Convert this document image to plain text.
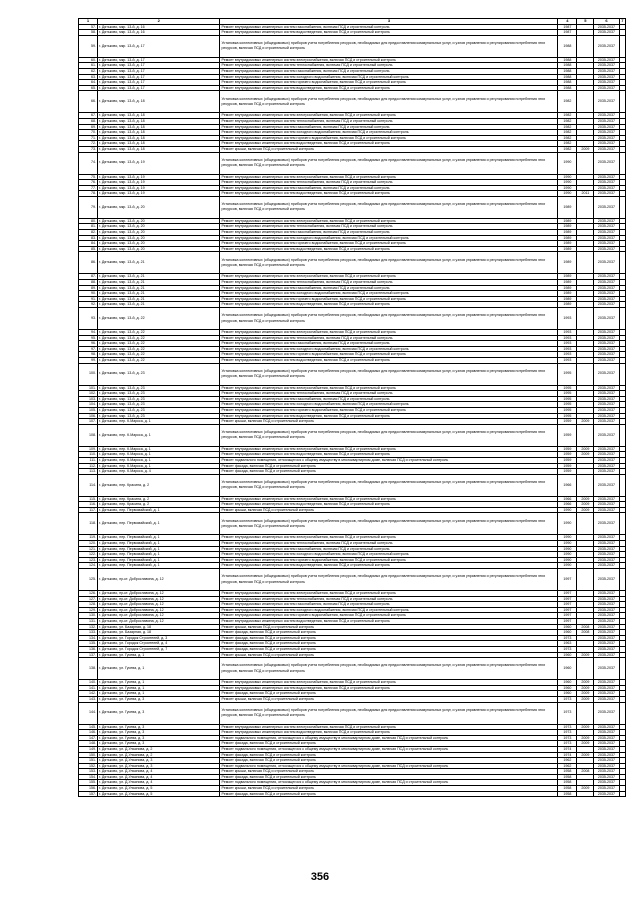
1	2	3	4	5	6	7
57.	г. Дятьково, мкр. 13-й, д. 16	Ремонт внутридомовых инженерных систем газоснабжения, включая ПСД и строительный контроль	1987		2035-2037	
58.	г. Дятьково, мкр. 13-й, д. 16	Ремонт внутридомовых инженерных систем водоотведения, включая ПСД и строительный контроль	1987		2035-2037	
59.	г. Дятьково, мкр. 13-й, д. 17	Установка коллективных (общедомовых) приборов учета потребления ресурсов, необходимых для предоставления коммунальных услуг, и узлов управления и регулирования потребления этих ресурсов, включая ПСД и строительный контроль	1988		2035-2037	
60.	г. Дятьково, мкр. 13-й, д. 17	Ремонт внутридомовых инженерных систем электроснабжения, включая ПСД и строительный контроль	1988		2035-2037	
61.	г. Дятьково, мкр. 13-й, д. 17	Ремонт внутридомовых инженерных систем теплоснабжения, включая ПСД и строительный контроль	1988		2035-2037	
62.	г. Дятьково, мкр. 13-й, д. 17	Ремонт внутридомовых инженерных систем газоснабжения, включая ПСД и строительный контроль	1988		2035-2037	
63.	г. Дятьково, мкр. 13-й, д. 17	Ремонт внутридомовых инженерных систем холодного водоснабжения, включая ПСД и строительный контроль	1988		2035-2037	
64.	г. Дятьково, мкр. 13-й, д. 17	Ремонт внутридомовых инженерных систем горячего водоснабжения, включая ПСД и строительный контроль	1988		2035-2037	
65.	г. Дятьково, мкр. 13-й, д. 17	Ремонт внутридомовых инженерных систем водоотведения, включая ПСД и строительный контроль	1988		2035-2037	
66.	г. Дятьково, мкр. 13-й, д. 18	Установка коллективных (общедомовых) приборов учета потребления ресурсов, необходимых для предоставления коммунальных услуг, и узлов управления и регулирования потребления этих ресурсов, включая ПСД и строительный контроль	1982		2035-2037	
67.	г. Дятьково, мкр. 13-й, д. 18	Ремонт внутридомовых инженерных систем электроснабжения, включая ПСД и строительный контроль	1982		2035-2037	
68.	г. Дятьково, мкр. 13-й, д. 18	Ремонт внутридомовых инженерных систем теплоснабжения, включая ПСД и строительный контроль	1982		2035-2037	
69.	г. Дятьково, мкр. 13-й, д. 18	Ремонт внутридомовых инженерных систем газоснабжения, включая ПСД и строительный контроль	1982		2035-2037	
70.	г. Дятьково, мкр. 13-й, д. 18	Ремонт внутридомовых инженерных систем холодного водоснабжения, включая ПСД и строительный контроль	1982		2035-2037	
71.	г. Дятьково, мкр. 13-й, д. 18	Ремонт внутридомовых инженерных систем горячего водоснабжения, включая ПСД и строительный контроль	1982		2035-2037	
72.	г. Дятьково, мкр. 13-й, д. 18	Ремонт внутридомовых инженерных систем водоотведения, включая ПСД и строительный контроль	1982		2035-2037	
73.	г. Дятьково, мкр. 13-й, д. 18	Ремонт крыши, включая ПСД и строительный контроль	1982	2009	2035-2037	
74.	г. Дятьково, мкр. 13-й, д. 19	Установка коллективных (общедомовых) приборов учета потребления ресурсов, необходимых для предоставления коммунальных услуг, и узлов управления и регулирования потребления этих ресурсов, включая ПСД и строительный контроль	1990		2035-2037	
75.	г. Дятьково, мкр. 13-й, д. 19	Ремонт внутридомовых инженерных систем электроснабжения, включая ПСД и строительный контроль	1990		2035-2037	
76.	г. Дятьково, мкр. 13-й, д. 19	Ремонт внутридомовых инженерных систем теплоснабжения, включая ПСД и строительный контроль	1990		2035-2037	
77.	г. Дятьково, мкр. 13-й, д. 19	Ремонт внутридомовых инженерных систем газоснабжения, включая ПСД и строительный контроль	1990		2035-2037	
78.	г. Дятьково, мкр. 13-й, д. 19	Ремонт внутридомовых инженерных систем водоотведения, включая ПСД и строительный контроль	1990	2011	2035-2037	
79.	г. Дятьково, мкр. 13-й, д. 20	Установка коллективных (общедомовых) приборов учета потребления ресурсов, необходимых для предоставления коммунальных услуг, и узлов управления и регулирования потребления этих ресурсов, включая ПСД и строительный контроль	1989		2035-2037	
80.	г. Дятьково, мкр. 13-й, д. 20	Ремонт внутридомовых инженерных систем электроснабжения, включая ПСД и строительный контроль	1989		2035-2037	
81.	г. Дятьково, мкр. 13-й, д. 20	Ремонт внутридомовых инженерных систем теплоснабжения, включая ПСД и строительный контроль	1989		2035-2037	
82.	г. Дятьково, мкр. 13-й, д. 20	Ремонт внутридомовых инженерных систем газоснабжения, включая ПСД и строительный контроль	1989		2035-2037	
83.	г. Дятьково, мкр. 13-й, д. 20	Ремонт внутридомовых инженерных систем холодного водоснабжения, включая ПСД и строительный контроль	1989		2035-2037	
84.	г. Дятьково, мкр. 13-й, д. 20	Ремонт внутридомовых инженерных систем горячего водоснабжения, включая ПСД и строительный контроль	1989		2035-2037	
85.	г. Дятьково, мкр. 13-й, д. 20	Ремонт внутридомовых инженерных систем водоотведения, включая ПСД и строительный контроль	1989		2035-2037	
86.	г. Дятьково, мкр. 13-й, д. 21	Установка коллективных (общедомовых) приборов учета потребления ресурсов, необходимых для предоставления коммунальных услуг, и узлов управления и регулирования потребления этих ресурсов, включая ПСД и строительный контроль	1989		2035-2037	
87.	г. Дятьково, мкр. 13-й, д. 21	Ремонт внутридомовых инженерных систем электроснабжения, включая ПСД и строительный контроль	1989		2035-2037	
88.	г. Дятьково, мкр. 13-й, д. 21	Ремонт внутридомовых инженерных систем теплоснабжения, включая ПСД и строительный контроль	1989		2035-2037	
89.	г. Дятьково, мкр. 13-й, д. 21	Ремонт внутридомовых инженерных систем газоснабжения, включая ПСД и строительный контроль	1989		2035-2037	
90.	г. Дятьково, мкр. 13-й, д. 21	Ремонт внутридомовых инженерных систем холодного водоснабжения, включая ПСД и строительный контроль	1989		2035-2037	
91.	г. Дятьково, мкр. 13-й, д. 21	Ремонт внутридомовых инженерных систем горячего водоснабжения, включая ПСД и строительный контроль	1989		2035-2037	
92.	г. Дятьково, мкр. 13-й, д. 21	Ремонт внутридомовых инженерных систем водоотведения, включая ПСД и строительный контроль	1989		2035-2037	
93.	г. Дятьково, мкр. 13-й, д. 22	Установка коллективных (общедомовых) приборов учета потребления ресурсов, необходимых для предоставления коммунальных услуг, и узлов управления и регулирования потребления этих ресурсов, включая ПСД и строительный контроль	1993		2035-2037	
94.	г. Дятьково, мкр. 13-й, д. 22	Ремонт внутридомовых инженерных систем электроснабжения, включая ПСД и строительный контроль	1993		2035-2037	
95.	г. Дятьково, мкр. 13-й, д. 22	Ремонт внутридомовых инженерных систем теплоснабжения, включая ПСД и строительный контроль	1993		2035-2037	
96.	г. Дятьково, мкр. 13-й, д. 22	Ремонт внутридомовых инженерных систем газоснабжения, включая ПСД и строительный контроль	1993		2035-2037	
97.	г. Дятьково, мкр. 13-й, д. 22	Ремонт внутридомовых инженерных систем холодного водоснабжения, включая ПСД и строительный контроль	1993		2035-2037	
98.	г. Дятьково, мкр. 13-й, д. 22	Ремонт внутридомовых инженерных систем горячего водоснабжения, включая ПСД и строительный контроль	1993		2035-2037	
99.	г. Дятьково, мкр. 13-й, д. 22	Ремонт внутридомовых инженерных систем водоотведения, включая ПСД и строительный контроль	1993		2035-2037	
100.	г. Дятьково, мкр. 13-й, д. 23	Установка коллективных (общедомовых) приборов учета потребления ресурсов, необходимых для предоставления коммунальных услуг, и узлов управления и регулирования потребления этих ресурсов, включая ПСД и строительный контроль	1995		2035-2037	
101.	г. Дятьково, мкр. 13-й, д. 23	Ремонт внутридомовых инженерных систем электроснабжения, включая ПСД и строительный контроль	1995		2035-2037	
102.	г. Дятьково, мкр. 13-й, д. 23	Ремонт внутридомовых инженерных систем теплоснабжения, включая ПСД и строительный контроль	1995		2035-2037	
103.	г. Дятьково, мкр. 13-й, д. 23	Ремонт внутридомовых инженерных систем газоснабжения, включая ПСД и строительный контроль	1995		2035-2037	
104.	г. Дятьково, мкр. 13-й, д. 23	Ремонт внутридомовых инженерных систем холодного водоснабжения, включая ПСД и строительный контроль	1995		2035-2037	
105.	г. Дятьково, мкр. 13-й, д. 23	Ремонт внутридомовых инженерных систем горячего водоснабжения, включая ПСД и строительный контроль	1995		2035-2037	
106.	г. Дятьково, мкр. 13-й, д. 23	Ремонт внутридомовых инженерных систем водоотведения, включая ПСД и строительный контроль	1995		2035-2037	
107.	г. Дятьково, пер. К.Маркса, д. 1	Ремонт крыши, включая ПСД и строительный контроль	1959	2009	2035-2037	
108.	г. Дятьково, пер. К.Маркса, д. 1	Установка коллективных (общедомовых) приборов учета потребления ресурсов, необходимых для предоставления коммунальных услуг, и узлов управления и регулирования потребления этих ресурсов, включая ПСД и строительный контроль	1959		2035-2037	
109.	г. Дятьково, пер. К.Маркса, д. 1	Ремонт внутридомовых инженерных систем электроснабжения, включая ПСД и строительный контроль	1959	2009	2035-2037	
110.	г. Дятьково, пер. К.Маркса, д. 1	Ремонт внутридомовых инженерных систем водоотведения, включая ПСД и строительный контроль	1959	2009	2035-2037	
111.	г. Дятьково, пер. К.Маркса, д. 1	Ремонт подвального помещения, относящегося к общему имуществу в многоквартирном доме, включая ПСД и строительный контроль	1959		2035-2037	
112.	г. Дятьково, пер. К.Маркса, д. 1	Ремонт фасада, включая ПСД и строительный контроль	1959		2035-2037	
113.	г. Дятьково, пер. К.Маркса, д. 4	Ремонт фасада, включая ПСД и строительный контроль	1959		2035-2037	
114.	г. Дятьково, пер. Красина, д. 2	Установка коллективных (общедомовых) приборов учета потребления ресурсов, необходимых для предоставления коммунальных услуг, и узлов управления и регулирования потребления этих ресурсов, включая ПСД и строительный контроль	1966		2035-2037	
115.	г. Дятьково, пер. Красина, д. 2	Ремонт внутридомовых инженерных систем электроснабжения, включая ПСД и строительный контроль	1966	2009	2035-2037	
116.	г. Дятьково, пер. Красина, д. 2	Ремонт внутридомовых инженерных систем водоотведения, включая ПСД и строительный контроль	1966	2009	2035-2037	
117.	г. Дятьково, пер. Первомайский, д. 1	Ремонт крыши, включая ПСД и строительный контроль	1990	2009	2035-2037	
118.	г. Дятьково, пер. Первомайский, д. 1	Установка коллективных (общедомовых) приборов учета потребления ресурсов, необходимых для предоставления коммунальных услуг, и узлов управления и регулирования потребления этих ресурсов, включая ПСД и строительный контроль	1990		2035-2037	
119.	г. Дятьково, пер. Первомайский, д. 1	Ремонт внутридомовых инженерных систем электроснабжения, включая ПСД и строительный контроль	1990		2035-2037	
120.	г. Дятьково, пер. Первомайский, д. 1	Ремонт внутридомовых инженерных систем теплоснабжения, включая ПСД и строительный контроль	1990		2035-2037	
121.	г. Дятьково, пер. Первомайский, д. 1	Ремонт внутридомовых инженерных систем газоснабжения, включая ПСД и строительный контроль	1990		2035-2037	
122.	г. Дятьково, пер. Первомайский, д. 1	Ремонт внутридомовых инженерных систем холодного водоснабжения, включая ПСД и строительный контроль	1990		2035-2037	
123.	г. Дятьково, пер. Первомайский, д. 1	Ремонт внутридомовых инженерных систем горячего водоснабжения, включая ПСД и строительный контроль	1990		2035-2037	
124.	г. Дятьково, пер. Первомайский, д. 1	Ремонт внутридомовых инженерных систем водоотведения, включая ПСД и строительный контроль	1990		2035-2037	
125.	г. Дятьково, пр-кт. Доброславина, д. 12	Установка коллективных (общедомовых) приборов учета потребления ресурсов, необходимых для предоставления коммунальных услуг, и узлов управления и регулирования потребления этих ресурсов, включая ПСД и строительный контроль	1997		2035-2037	
126.	г. Дятьково, пр-кт. Доброславина, д. 12	Ремонт внутридомовых инженерных систем электроснабжения, включая ПСД и строительный контроль	1997		2035-2037	
127.	г. Дятьково, пр-кт. Доброславина, д. 12	Ремонт внутридомовых инженерных систем теплоснабжения, включая ПСД и строительный контроль	1997		2035-2037	
128.	г. Дятьково, пр-кт. Доброславина, д. 12	Ремонт внутридомовых инженерных систем газоснабжения, включая ПСД и строительный контроль	1997		2035-2037	
129.	г. Дятьково, пр-кт. Доброславина, д. 12	Ремонт внутридомовых инженерных систем холодного водоснабжения, включая ПСД и строительный контроль	1997		2035-2037	
130.	г. Дятьково, пр-кт. Доброславина, д. 12	Ремонт внутридомовых инженерных систем горячего водоснабжения, включая ПСД и строительный контроль	1997		2035-2037	
131.	г. Дятьково, пр-кт. Доброславина, д. 12	Ремонт внутридомовых инженерных систем водоотведения, включая ПСД и строительный контроль	1997		2035-2037	
132.	г. Дятьково, ул. Базарная, д. 18	Ремонт крыши, включая ПСД и строительный контроль	1960	2008	2035-2037	
133.	г. Дятьково, ул. Базарная, д. 18	Ремонт фасада, включая ПСД и строительный контроль	1960	2008	2035-2037	
134.	г. Дятьково, ул. Городок Строителей, д. 3	Ремонт фасада, включая ПСД и строительный контроль	1973		2035-2037	
135.	г. Дятьково, ул. Городок Строителей, д. 4	Ремонт фасада, включая ПСД и строительный контроль	1963		2035-2037	
136.	г. Дятьково, ул. Городок Строителей, д. 7	Ремонт фасада, включая ПСД и строительный контроль	1973		2035-2037	
137.	г. Дятьково, ул. Гусева, д. 1	Ремонт крыши, включая ПСД и строительный контроль	1960	2009	2035-2037	
138.	г. Дятьково, ул. Гусева, д. 1	Установка коллективных (общедомовых) приборов учета потребления ресурсов, необходимых для предоставления коммунальных услуг, и узлов управления и регулирования потребления этих ресурсов, включая ПСД и строительный контроль	1960		2035-2037	
140.	г. Дятьково, ул. Гусева, д. 1	Ремонт внутридомовых инженерных систем электроснабжения, включая ПСД и строительный контроль	1960	2009	2035-2037	
141.	г. Дятьково, ул. Гусева, д. 1	Ремонт внутридомовых инженерных систем водоотведения, включая ПСД и строительный контроль	1960	2009	2035-2037	
142.	г. Дятьково, ул. Гусева, д. 1	Ремонт фасада, включая ПСД и строительный контроль	1960	2009	2035-2037	
143.	г. Дятьково, ул. Гусева, д. 3	Ремонт крыши, включая ПСД и строительный контроль	1973	2009	2035-2037	
144.	г. Дятьково, ул. Гусева, д. 3	Установка коллективных (общедомовых) приборов учета потребления ресурсов, необходимых для предоставления коммунальных услуг, и узлов управления и регулирования потребления этих ресурсов, включая ПСД и строительный контроль	1973		2035-2037	
145.	г. Дятьково, ул. Гусева, д. 3	Ремонт внутридомовых инженерных систем электроснабжения, включая ПСД и строительный контроль	1973	2009	2035-2037	
146.	г. Дятьково, ул. Гусева, д. 3	Ремонт внутридомовых инженерных систем водоотведения, включая ПСД и строительный контроль	1973		2035-2037	
147.	г. Дятьково, ул. Гусева, д. 3	Ремонт подвального помещения, относящегося к общему имуществу в многоквартирном доме, включая ПСД и строительный контроль	1973	2009	2035-2037	
148.	г. Дятьково, ул. Гусева, д. 3	Ремонт фасада, включая ПСД и строительный контроль	1973	2009	2035-2037	
149.	г. Дятьково, ул. Д.Ульянова, д. 2	Ремонт подвального помещения, относящегося к общему имуществу в многоквартирном доме, включая ПСД и строительный контроль	1974		2035-2037	
150.	г. Дятьково, ул. Д.Ульянова, д. 2	Ремонт фасада, включая ПСД и строительный контроль	1974	2009	2035-2037	
151.	г. Дятьково, ул. Д.Ульянова, д. 3	Ремонт фасада, включая ПСД и строительный контроль	1962		2035-2037	
152.	г. Дятьково, ул. Д.Ульянова, д. 3	Ремонт подвального помещения, относящегося к общему имуществу в многоквартирном доме, включая ПСД и строительный контроль	1962		2035-2037	
153.	г. Дятьково, ул. Д.Ульянова, д. 4	Ремонт крыши, включая ПСД и строительный контроль	1958	2008	2035-2037	
154.	г. Дятьково, ул. Д.Ульянова, д. 4	Ремонт фасада, включая ПСД и строительный контроль	1958		2035-2037	
155.	г. Дятьково, ул. Д.Ульянова, д. 4	Ремонт подвального помещения, относящегося к общему имуществу в многоквартирном доме, включая ПСД и строительный контроль	1958		2035-2037	
156.	г. Дятьково, ул. Д.Ульянова, д. 5	Ремонт крыши, включая ПСД и строительный контроль	1958	2009	2035-2037	
157.	г. Дятьково, ул. Д.Ульянова, д. 5	Ремонт фасада, включая ПСД и строительный контроль	1958		2035-2037	
356
